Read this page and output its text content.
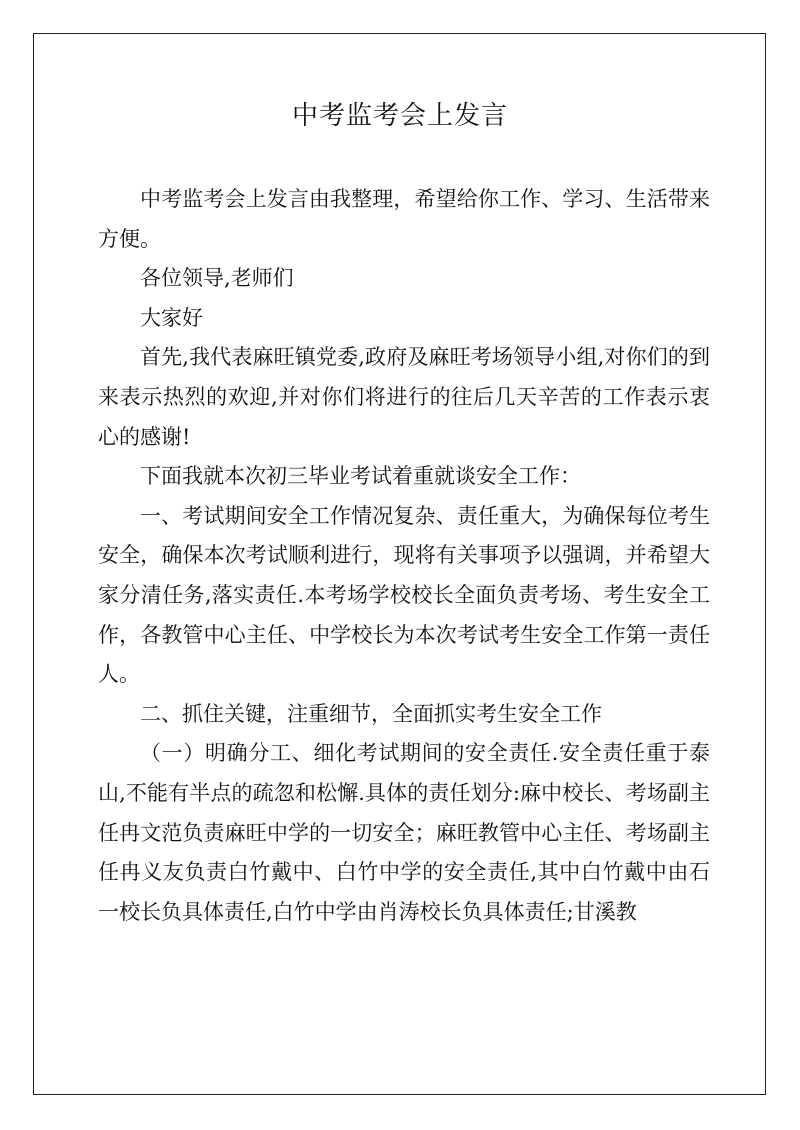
中考监考会上发言

中考监考会上发言由我整理，希望给你工作、学习、生活带来方便。

各位领导,老师们

大家好

首先,我代表麻旺镇党委,政府及麻旺考场领导小组,对你们的到来表示热烈的欢迎,并对你们将进行的往后几天辛苦的工作表示衷心的感谢!

下面我就本次初三毕业考试着重就谈安全工作：

一、考试期间安全工作情况复杂、责任重大，为确保每位考生安全，确保本次考试顺利进行，现将有关事项予以强调，并希望大家分清任务,落实责任.本考场学校校长全面负责考场、考生安全工作，各教管中心主任、中学校长为本次考试考生安全工作第一责任人。

二、抓住关键，注重细节，全面抓实考生安全工作

（一）明确分工、细化考试期间的安全责任.安全责任重于泰山,不能有半点的疏忽和松懈.具体的责任划分:麻中校长、考场副主任冉文范负责麻旺中学的一切安全；麻旺教管中心主任、考场副主任冉义友负责白竹戴中、白竹中学的安全责任,其中白竹戴中由石一校长负具体责任,白竹中学由肖涛校长负具体责任;甘溪教
